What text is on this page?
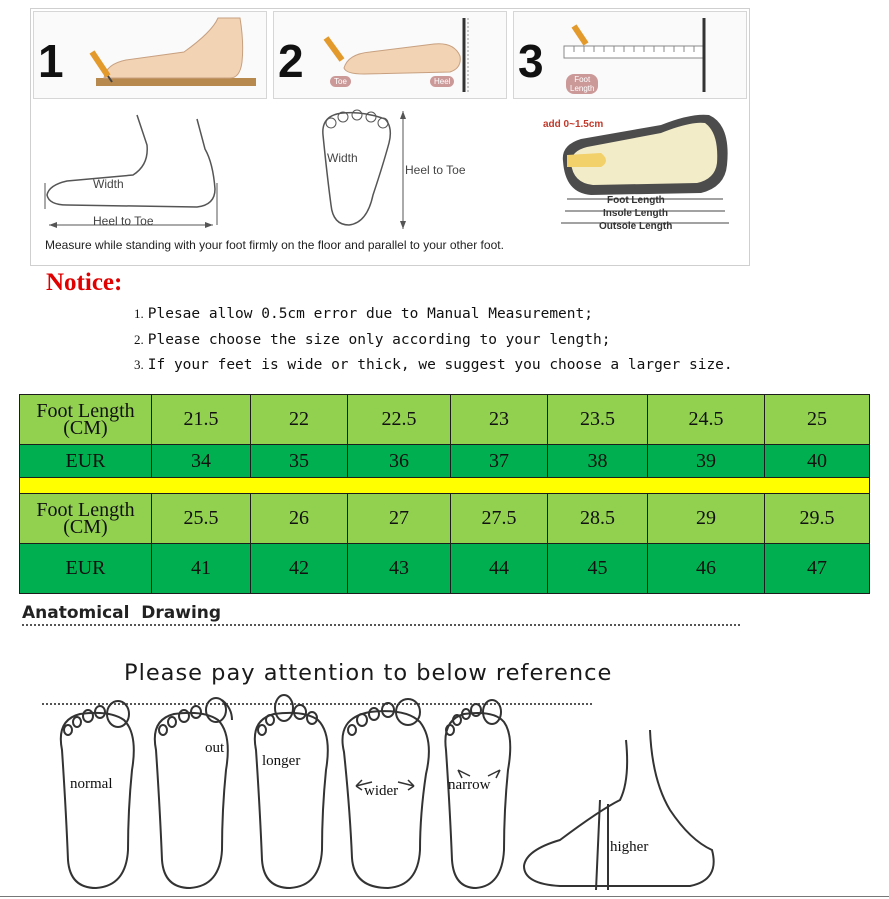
1	2	Toe	Heel 3	Foot
Length
Width
Heel to Toe
Width
Heel to Toe
add 0~1.5cm
Foot Length
Insole Length
Outsole Length
Measure while standing with your foot firmly on the floor and parallel to your other foot.
Notice:
1. Plesae allow 0.5cm error due to Manual Measurement;
2. Please choose the size only according to your length;
3. If your feet is wide or thick, we suggest you choose a larger size.
Foot Length
(CM)	21.5	22	22.5	23	23.5	24.5	25
EUR	34	35	36	37	38	39	40

Foot Length
(CM)	25.5	26	27	27.5	28.5	29	29.5
EUR	41	42	43	44	45	46	47
Anatomical  Drawing
Please pay attention to below reference
normal
out
longer
wider	narrow
higher
